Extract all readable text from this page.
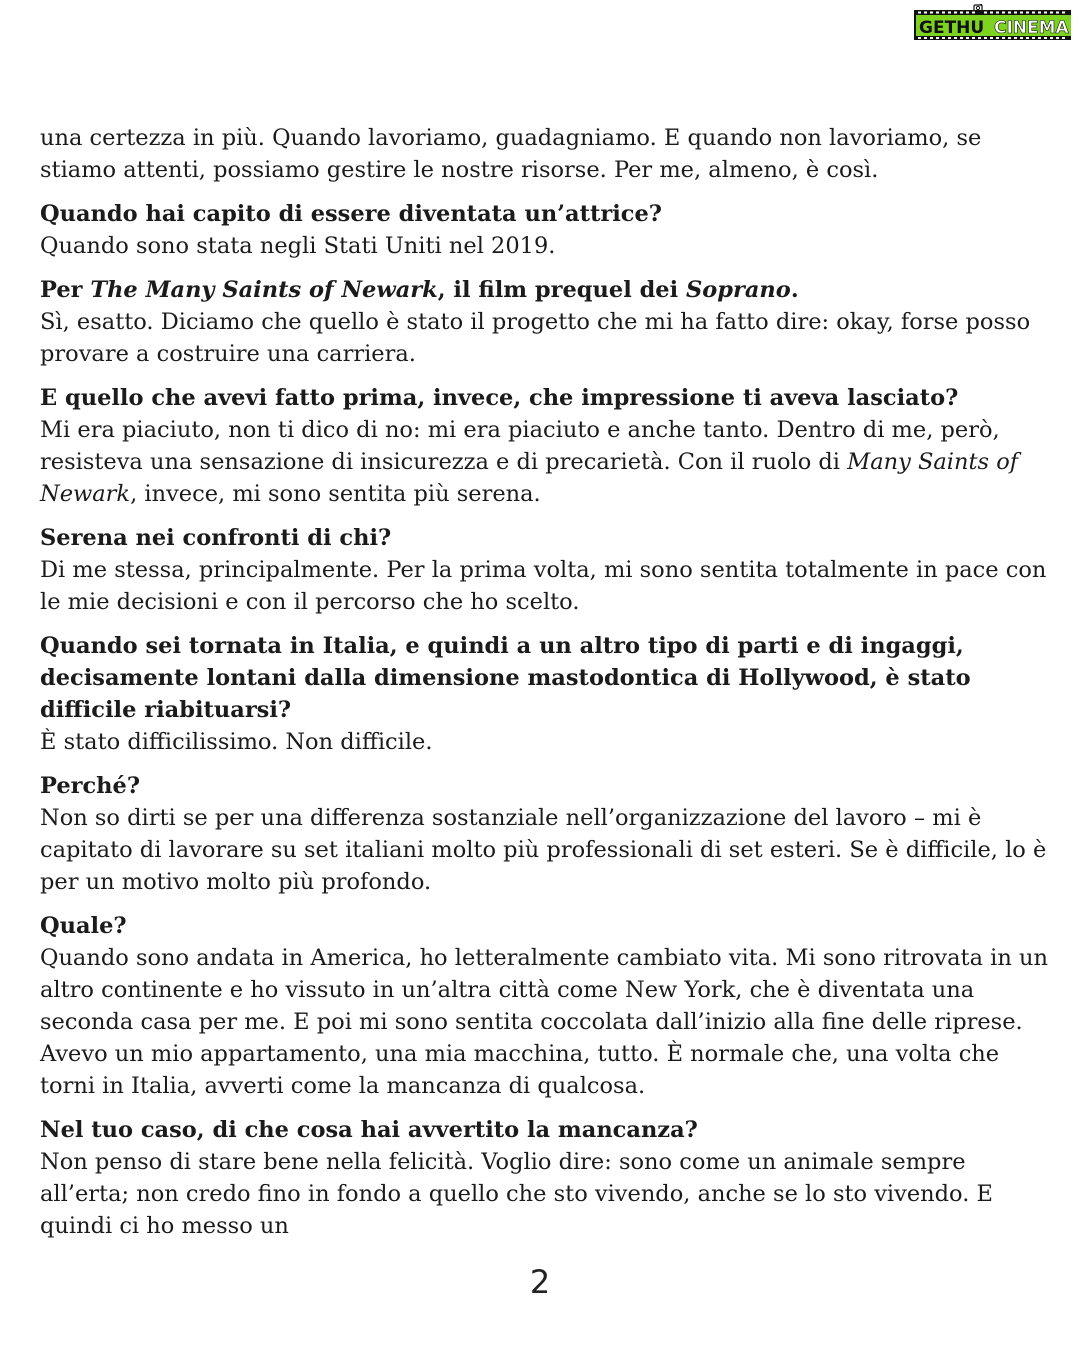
GETHU CINEMA

una certezza in più. Quando lavoriamo, guadagniamo. E quando non lavoriamo, se stiamo attenti, possiamo gestire le nostre risorse. Per me, almeno, è così.

Quando hai capito di essere diventata un’attrice?
Quando sono stata negli Stati Uniti nel 2019.
Per The Many Saints of Newark, il film prequel dei Soprano.
Sì, esatto. Diciamo che quello è stato il progetto che mi ha fatto dire: okay, forse posso provare a costruire una carriera.
E quello che avevi fatto prima, invece, che impressione ti aveva lasciato?
Mi era piaciuto, non ti dico di no: mi era piaciuto e anche tanto. Dentro di me, però, resisteva una sensazione di insicurezza e di precarietà. Con il ruolo di Many Saints of Newark, invece, mi sono sentita più serena.
Serena nei confronti di chi?
Di me stessa, principalmente. Per la prima volta, mi sono sentita totalmente in pace con le mie decisioni e con il percorso che ho scelto.
Quando sei tornata in Italia, e quindi a un altro tipo di parti e di ingaggi, decisamente lontani dalla dimensione mastodontica di Hollywood, è stato difficile riabituarsi?
È stato difficilissimo. Non difficile.
Perché?
Non so dirti se per una differenza sostanziale nell’organizzazione del lavoro – mi è capitato di lavorare su set italiani molto più professionali di set esteri. Se è difficile, lo è per un motivo molto più profondo.
Quale?
Quando sono andata in America, ho letteralmente cambiato vita. Mi sono ritrovata in un altro continente e ho vissuto in un’altra città come New York, che è diventata una seconda casa per me. E poi mi sono sentita coccolata dall’inizio alla fine delle riprese. Avevo un mio appartamento, una mia macchina, tutto. È normale che, una volta che torni in Italia, avverti come la mancanza di qualcosa.
Nel tuo caso, di che cosa hai avvertito la mancanza?
Non penso di stare bene nella felicità. Voglio dire: sono come un animale sempre all’erta; non credo fino in fondo a quello che sto vivendo, anche se lo sto vivendo. E quindi ci ho messo un
2
